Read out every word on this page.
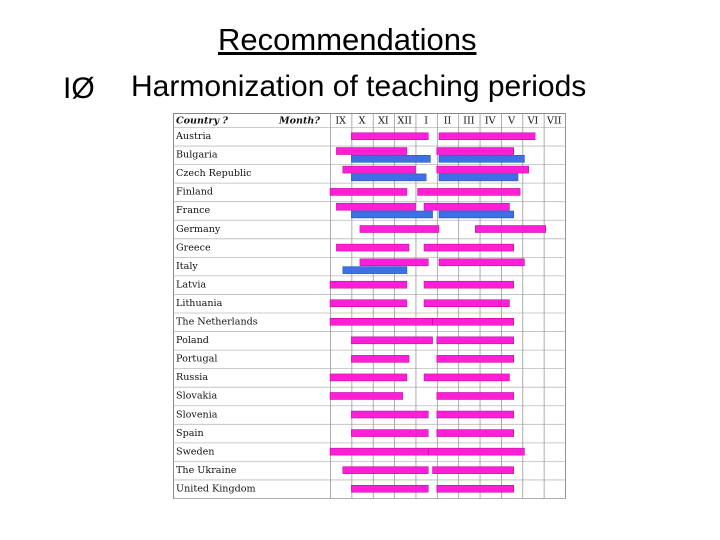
Recommendations
IØ Harmonization of teaching periods
Country ?	Month? IX X XI XII I II III IV V VI VII
Austria
Bulgaria
Czech Republic
Finland
France
Germany
Greece
Italy
Latvia
Lithuania
The Netherlands
Poland
Portugal
Russia
Slovakia
Slovenia
Spain
Sweden
The Ukraine
United Kingdom
